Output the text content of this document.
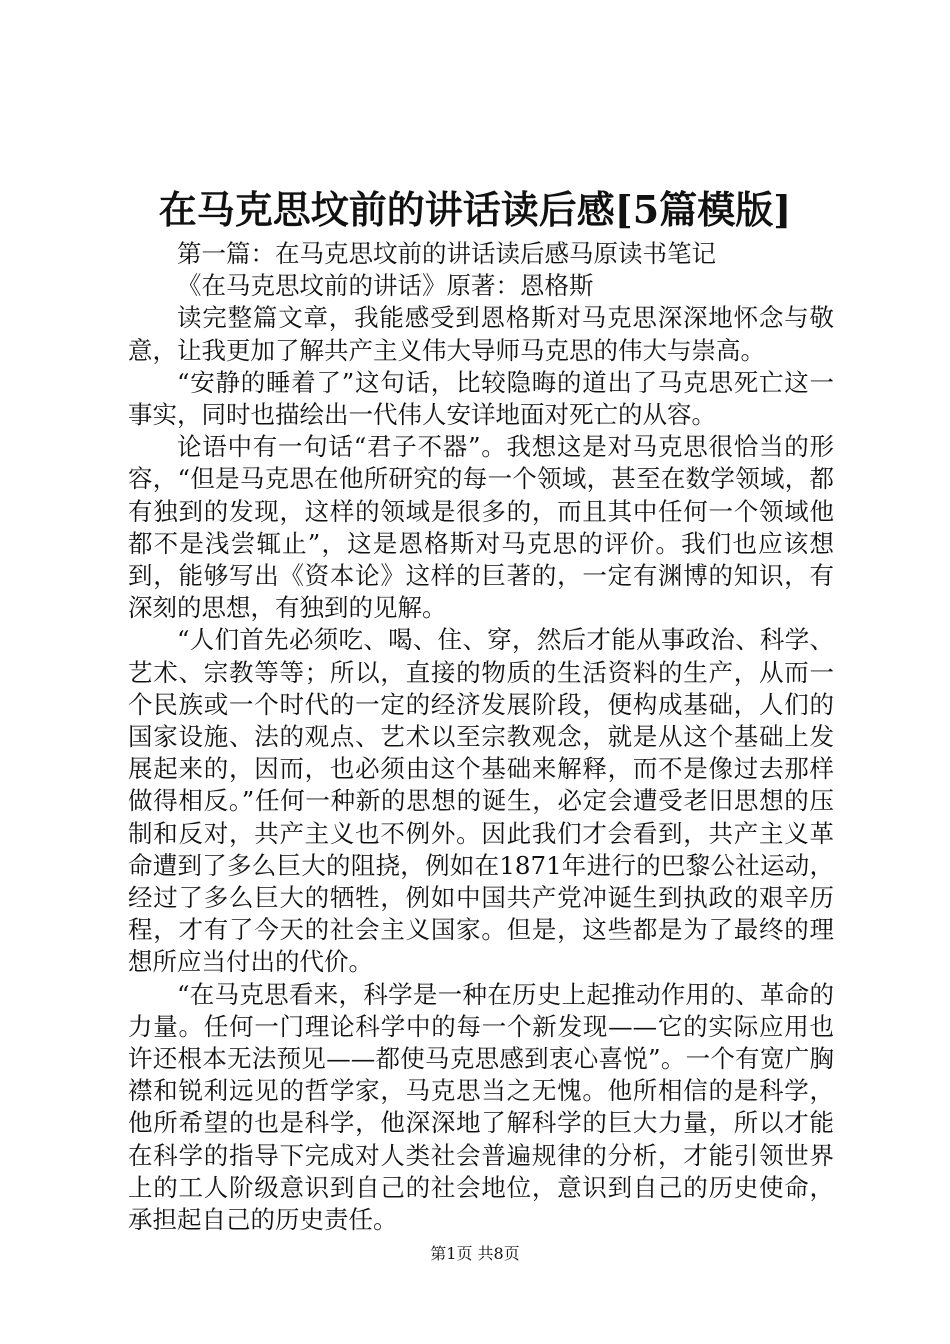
在马克思坟前的讲话读后感[5篇模版]

第一篇：在马克思坟前的讲话读后感马原读书笔记

《在马克思坟前的讲话》原著：恩格斯

读完整篇文章，我能感受到恩格斯对马克思深深地怀念与敬意，让我更加了解共产主义伟大导师马克思的伟大与崇高。

“安静的睡着了”这句话，比较隐晦的道出了马克思死亡这一事实，同时也描绘出一代伟人安详地面对死亡的从容。

论语中有一句话“君子不器”。我想这是对马克思很恰当的形容，“但是马克思在他所研究的每一个领域，甚至在数学领域，都有独到的发现，这样的领域是很多的，而且其中任何一个领域他都不是浅尝辄止”，这是恩格斯对马克思的评价。我们也应该想到，能够写出《资本论》这样的巨著的，一定有渊博的知识，有深刻的思想，有独到的见解。

“人们首先必须吃、喝、住、穿，然后才能从事政治、科学、艺术、宗教等等；所以，直接的物质的生活资料的生产，从而一个民族或一个时代的一定的经济发展阶段，便构成基础，人们的国家设施、法的观点、艺术以至宗教观念，就是从这个基础上发展起来的，因而，也必须由这个基础来解释，而不是像过去那样做得相反。”任何一种新的思想的诞生，必定会遭受老旧思想的压制和反对，共产主义也不例外。因此我们才会看到，共产主义革命遭到了多么巨大的阻挠，例如在1871年进行的巴黎公社运动，经过了多么巨大的牺牲，例如中国共产党冲诞生到执政的艰辛历程，才有了今天的社会主义国家。但是，这些都是为了最终的理想所应当付出的代价。

“在马克思看来，科学是一种在历史上起推动作用的、革命的力量。任何一门理论科学中的每一个新发现——它的实际应用也许还根本无法预见——都使马克思感到衷心喜悦”。一个有宽广胸襟和锐利远见的哲学家，马克思当之无愧。他所相信的是科学，他所希望的也是科学，他深深地了解科学的巨大力量，所以才能在科学的指导下完成对人类社会普遍规律的分析，才能引领世界上的工人阶级意识到自己的社会地位，意识到自己的历史使命，承担起自己的历史责任。

第1页 共8页
